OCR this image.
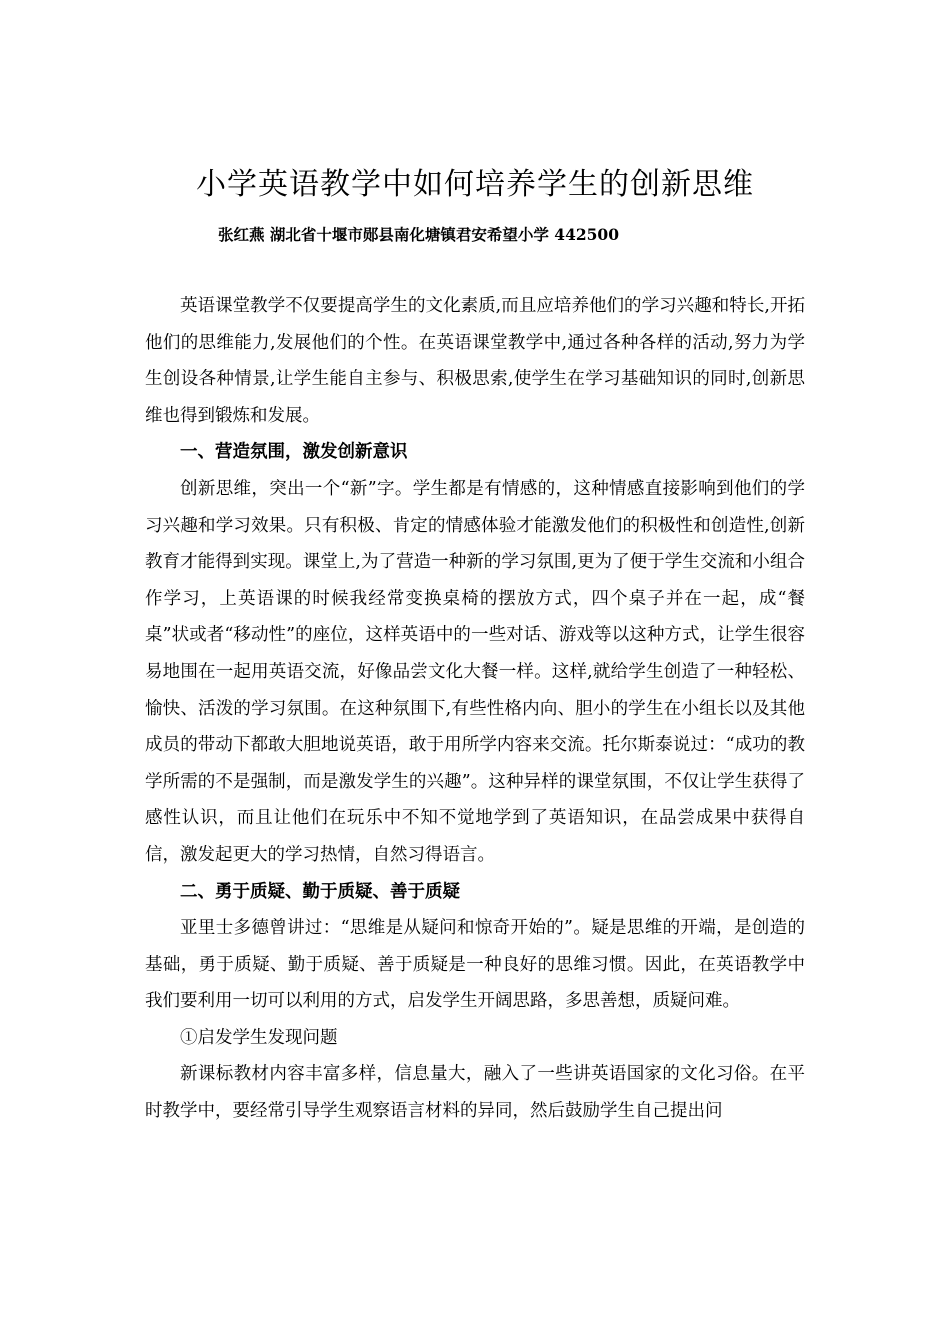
小学英语教学中如何培养学生的创新思维
张红燕 湖北省十堰市郧县南化塘镇君安希望小学 442500

英语课堂教学不仅要提高学生的文化素质,而且应培养他们的学习兴趣和特长,开拓他们的思维能力,发展他们的个性。在英语课堂教学中,通过各种各样的活动,努力为学生创设各种情景,让学生能自主参与、积极思索,使学生在学习基础知识的同时,创新思维也得到锻炼和发展。

一、营造氛围，激发创新意识

创新思维，突出一个“新”字。学生都是有情感的，这种情感直接影响到他们的学习兴趣和学习效果。只有积极、肯定的情感体验才能激发他们的积极性和创造性,创新教育才能得到实现。课堂上,为了营造一种新的学习氛围,更为了便于学生交流和小组合作学习，上英语课的时候我经常变换桌椅的摆放方式，四个桌子并在一起，成“餐桌”状或者“移动性”的座位，这样英语中的一些对话、游戏等以这种方式，让学生很容易地围在一起用英语交流，好像品尝文化大餐一样。这样,就给学生创造了一种轻松、愉快、活泼的学习氛围。在这种氛围下,有些性格内向、胆小的学生在小组长以及其他成员的带动下都敢大胆地说英语，敢于用所学内容来交流。托尔斯泰说过：“成功的教学所需的不是强制，而是激发学生的兴趣”。这种异样的课堂氛围，不仅让学生获得了感性认识，而且让他们在玩乐中不知不觉地学到了英语知识，在品尝成果中获得自信，激发起更大的学习热情，自然习得语言。

二、勇于质疑、勤于质疑、善于质疑

亚里士多德曾讲过：“思维是从疑问和惊奇开始的”。疑是思维的开端，是创造的基础，勇于质疑、勤于质疑、善于质疑是一种良好的思维习惯。因此，在英语教学中我们要利用一切可以利用的方式，启发学生开阔思路，多思善想，质疑问难。

①启发学生发现问题

新课标教材内容丰富多样，信息量大，融入了一些讲英语国家的文化习俗。在平时教学中，要经常引导学生观察语言材料的异同，然后鼓励学生自己提出问
